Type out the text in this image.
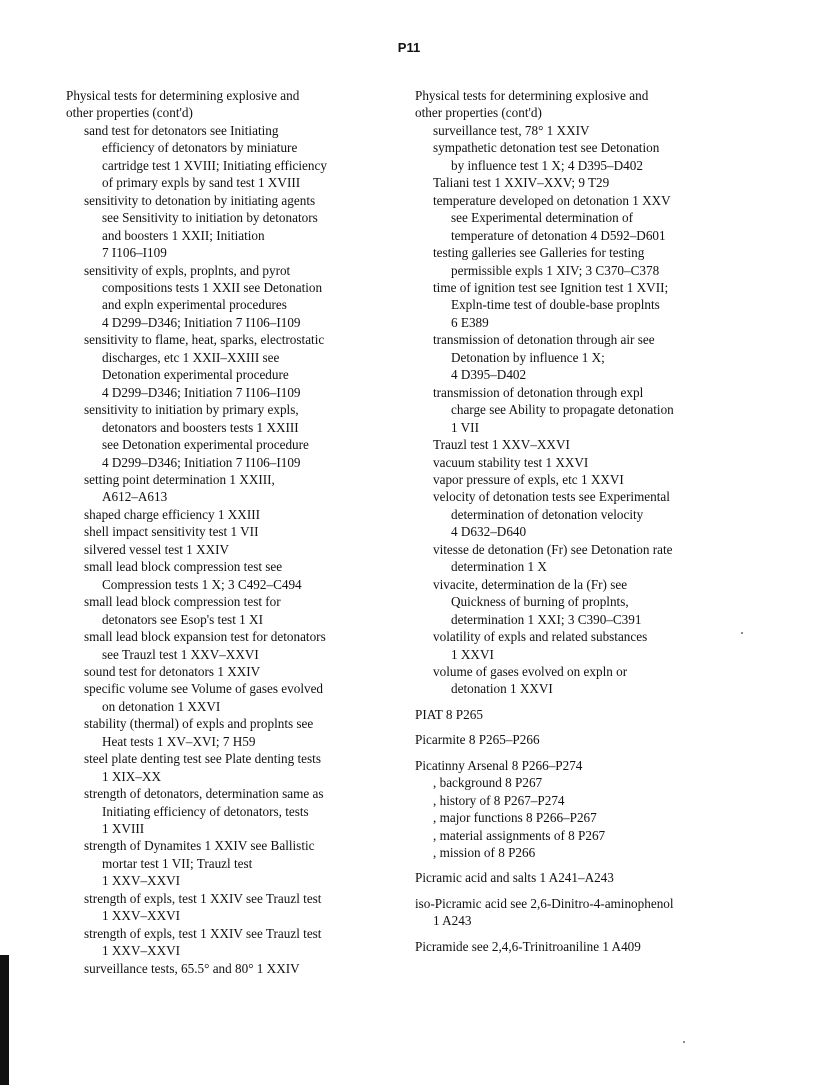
P11
Physical tests for determining explosive and
other properties (cont'd)
sand test for detonators see Initiating
efficiency of detonators by miniature
cartridge test 1 XVIII; Initiating efficiency
of primary expls by sand test 1 XVIII
sensitivity to detonation by initiating agents
see Sensitivity to initiation by detonators
and boosters 1 XXII; Initiation
7 I106–I109
sensitivity of expls, proplnts, and pyrot
compositions tests 1 XXII see Detonation
and expln experimental procedures
4 D299–D346; Initiation 7 I106–I109
sensitivity to flame, heat, sparks, electrostatic
discharges, etc 1 XXII–XXIII see
Detonation experimental procedure
4 D299–D346; Initiation 7 I106–I109
sensitivity to initiation by primary expls,
detonators and boosters tests 1 XXIII
see Detonation experimental procedure
4 D299–D346; Initiation 7 I106–I109
setting point determination 1 XXIII,
A612–A613
shaped charge efficiency 1 XXIII
shell impact sensitivity test 1 VII
silvered vessel test 1 XXIV
small lead block compression test see
Compression tests 1 X; 3 C492–C494
small lead block compression test for
detonators see Esop's test 1 XI
small lead block expansion test for detonators
see Trauzl test 1 XXV–XXVI
sound test for detonators 1 XXIV
specific volume see Volume of gases evolved
on detonation 1 XXVI
stability (thermal) of expls and proplnts see
Heat tests 1 XV–XVI; 7 H59
steel plate denting test see Plate denting tests
1 XIX–XX
strength of detonators, determination same as
Initiating efficiency of detonators, tests
1 XVIII
strength of Dynamites 1 XXIV see Ballistic
mortar test 1 VII; Trauzl test
1 XXV–XXVI
strength of expls, test 1 XXIV see Trauzl test
1 XXV–XXVI
strength of expls, test 1 XXIV see Trauzl test
1 XXV–XXVI
surveillance tests, 65.5° and 80° 1 XXIV
Physical tests for determining explosive and
other properties (cont'd)
surveillance test, 78° 1 XXIV
sympathetic detonation test see Detonation
by influence test 1 X; 4 D395–D402
Taliani test 1 XXIV–XXV; 9 T29
temperature developed on detonation 1 XXV
see Experimental determination of
temperature of detonation 4 D592–D601
testing galleries see Galleries for testing
permissible expls 1 XIV; 3 C370–C378
time of ignition test see Ignition test 1 XVII;
Expln-time test of double-base proplnts
6 E389
transmission of detonation through air see
Detonation by influence 1 X;
4 D395–D402
transmission of detonation through expl
charge see Ability to propagate detonation
1 VII
Trauzl test 1 XXV–XXVI
vacuum stability test 1 XXVI
vapor pressure of expls, etc 1 XXVI
velocity of detonation tests see Experimental
determination of detonation velocity
4 D632–D640
vitesse de detonation (Fr) see Detonation rate
determination 1 X
vivacite, determination de la (Fr) see
Quickness of burning of proplnts,
determination 1 XXI; 3 C390–C391
volatility of expls and related substances
1 XXVI
volume of gases evolved on expln or
detonation 1 XXVI
PIAT 8 P265
Picarmite 8 P265–P266
Picatinny Arsenal 8 P266–P274
, background 8 P267
, history of 8 P267–P274
, major functions 8 P266–P267
, material assignments of 8 P267
, mission of 8 P266
Picramic acid and salts 1 A241–A243
iso-Picramic acid see 2,6-Dinitro-4-aminophenol
1 A243
Picramide see 2,4,6-Trinitroaniline 1 A409
